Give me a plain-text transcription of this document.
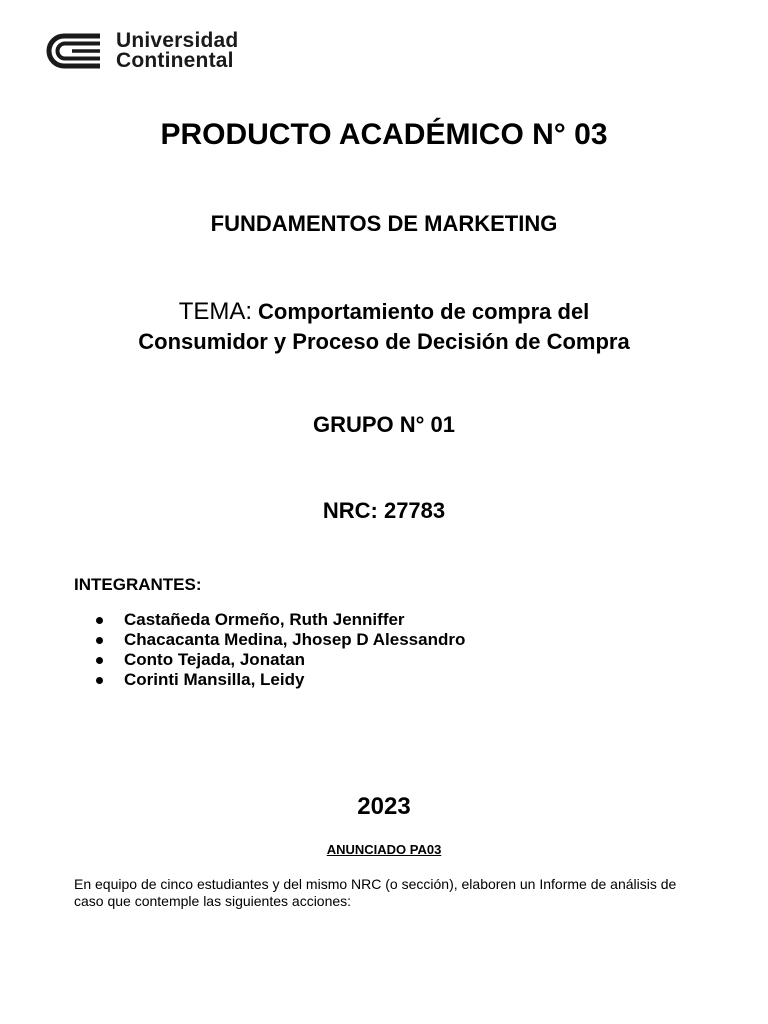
Universidad
Continental
PRODUCTO ACADÉMICO N° 03
FUNDAMENTOS DE MARKETING
TEMA: Comportamiento de compra del
Consumidor y Proceso de Decisión de Compra
GRUPO N° 01
NRC: 27783
INTEGRANTES:
Castañeda Ormeño, Ruth Jenniffer
Chacacanta Medina, Jhosep D Alessandro
Conto Tejada, Jonatan
Corinti Mansilla, Leidy
2023
ANUNCIADO PA03
En equipo de cinco estudiantes y del mismo NRC (o sección), elaboren un Informe de análisis de caso que contemple las siguientes acciones:
